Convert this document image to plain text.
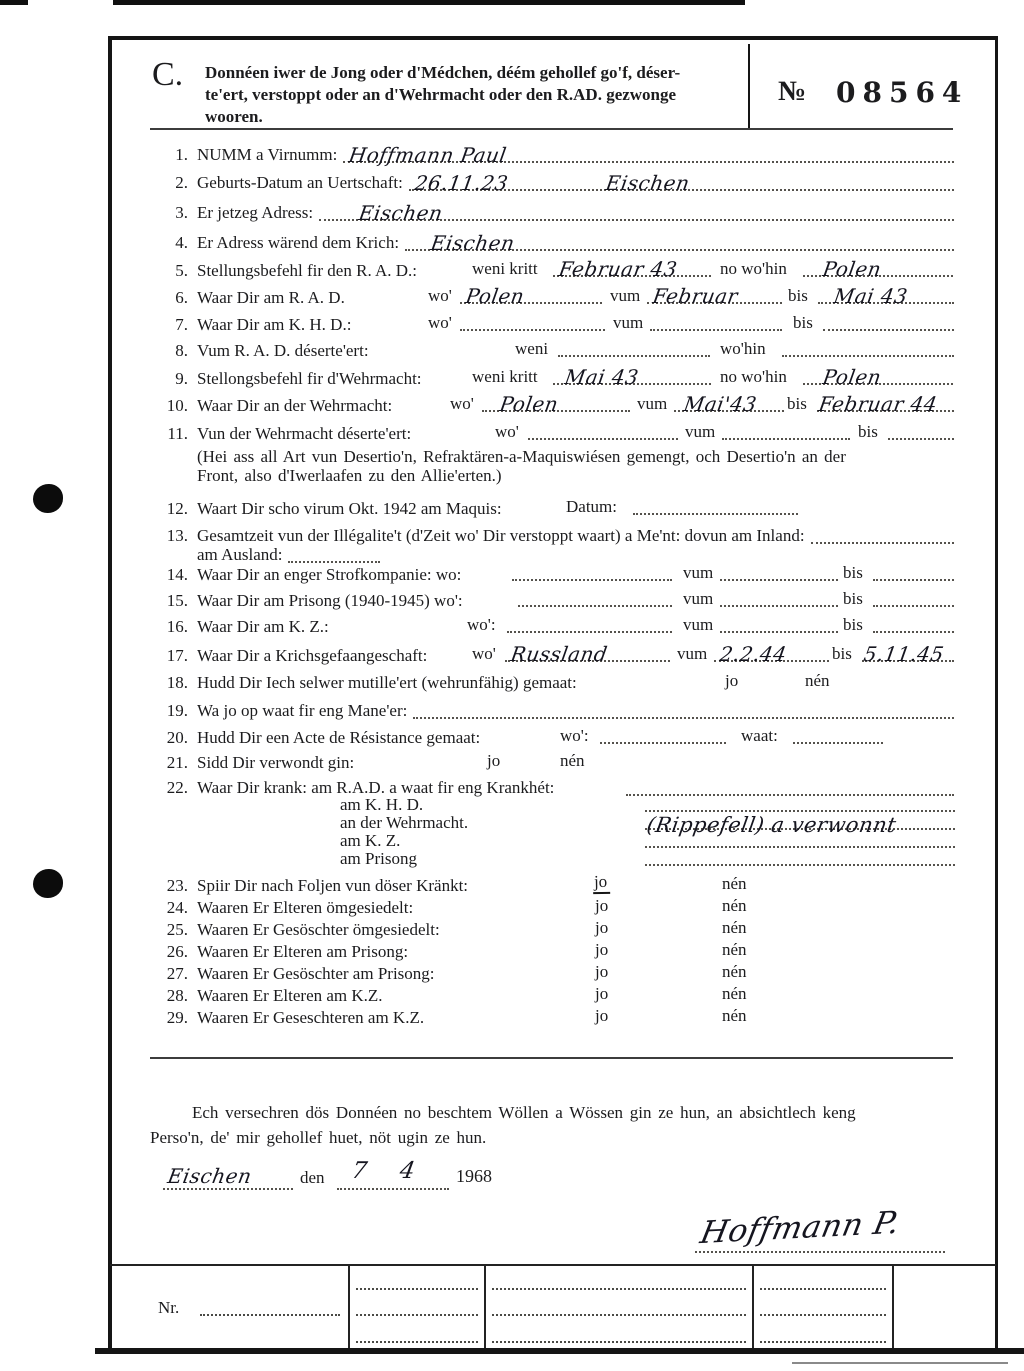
C. Donnéen iwer de Jong oder d'Médchen, déém gehollef go'f, déser-
te'ert, verstoppt oder an d'Wehrmacht oder den R.AD. gezwonge
wooren.
№ 08564
1. NUMM a Virnumm: Hoffmann Paul
2. Geburts-Datum an Uertschaft: 26.11.23	Eischen
3. Er jetzeg Adress: Eischen
4. Er Adress wärend dem Krich: Eischen
5. Stellungsbefehl fir den R. A. D.:	weni kritt Februar 43 no wo'hin Polen
6. Waar Dir am R. A. D.	wo' Polen	vum Februar	bis Mai 43
7. Waar Dir am K. H. D.:	wo'	vum	bis
8. Vum R. A. D. déserte'ert:	weni	wo'hin
9. Stellongsbefehl fir d'Wehrmacht:	weni kritt Mai 43	no wo'hin Polen
10. Waar Dir an der Wehrmacht:	wo' Polen	vum Mai'43 bis Februar 44
11. Vun der Wehrmacht déserte'ert:	wo'	vum	bis
(Hei ass all Art vun Desertio'n, Refraktären-a-Maquiswiésen gemengt, och Desertio'n an der
Front, also d'Iwerlaafen zu den Allie'erten.)
12. Waart Dir scho virum Okt. 1942 am Maquis:	Datum:
13. Gesamtzeit vun der Illégalite't (d'Zeit wo' Dir verstoppt waart) a Me'nt: dovun am Inland:
am Ausland:
14. Waar Dir an enger Strofkompanie: wo:	vum	bis
15. Waar Dir am Prisong (1940-1945) wo':	vum	bis
16. Waar Dir am K. Z.:	wo':	vum	bis
17. Waar Dir a Krichsgefaangeschaft:	wo' Russland	vum 2.2.44	bis 5.11.45
18. Hudd Dir Iech selwer mutille'ert (wehrunfähig) gemaat:	jo	nén
19. Wa jo op waat fir eng Mane'er:
20. Hudd Dir een Acte de Résistance gemaat:	wo':	waat:
21. Sidd Dir verwondt gin:	jo	nén
22. Waar Dir krank: am R.A.D. a waat fir eng Krankhét:
am K. H. D.
an der Wehrmacht.	(Rippefell) a verwonnt
am K. Z.
am Prisong
23. Spiir Dir nach Foljen vun döser Kränkt:	jo	nén
24. Waaren Er Elteren ömgesiedelt:	jo	nén
25. Waaren Er Gesöschter ömgesiedelt:	jo	nén
26. Waaren Er Elteren am Prisong:	jo	nén
27. Waaren Er Gesöschter am Prisong:	jo	nén
28. Waaren Er Elteren am K.Z.	jo	nén
29. Waaren Er Geseschteren am K.Z.	jo	nén
Ech versechren dös Donnéen no beschtem Wöllen a Wössen gin ze hun, an absichtlech keng
Perso'n, de' mir gehollef huet, nöt ugin ze hun.
Eischen	den 7 4 1968
Hoffmann P.
Nr.
